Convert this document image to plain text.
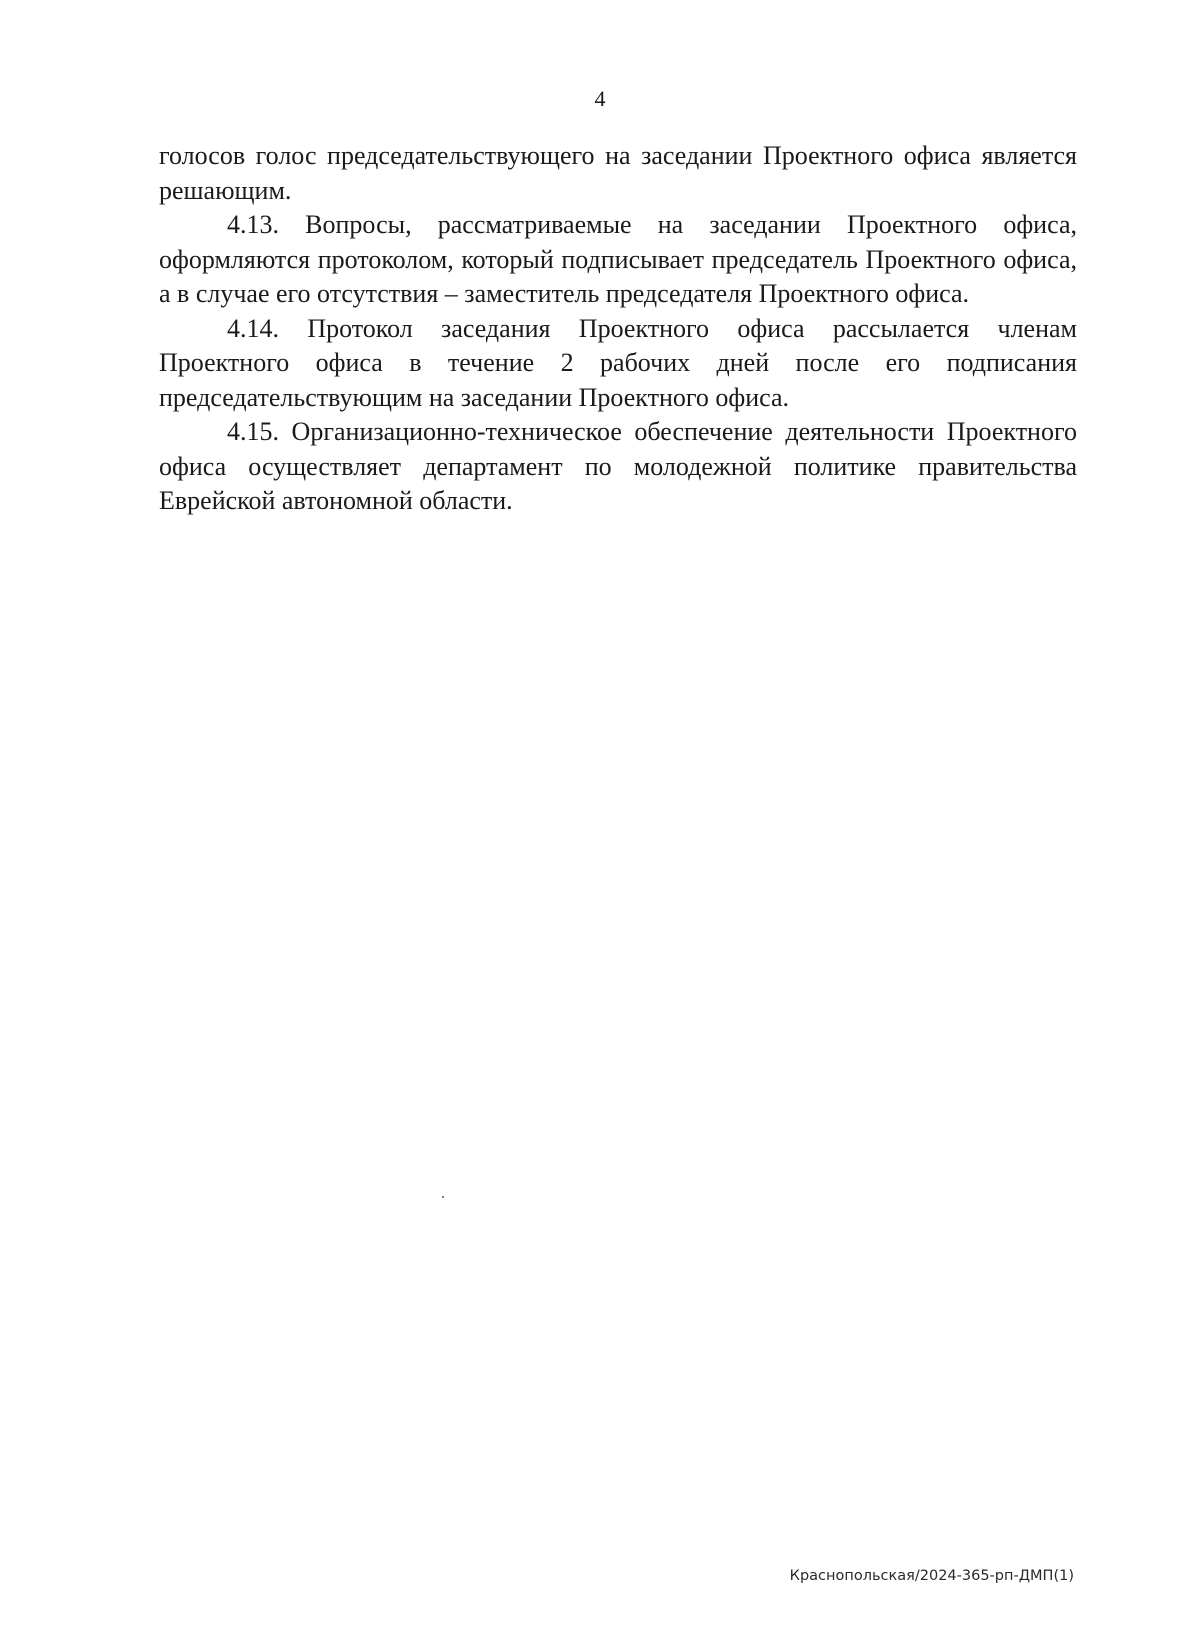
4

голосов голос председательствующего на заседании Проектного офиса является решающим.

4.13. Вопросы, рассматриваемые на заседании Проектного офиса, оформляются протоколом, который подписывает председатель Проектного офиса, а в случае его отсутствия – заместитель председателя Проектного офиса.

4.14. Протокол заседания Проектного офиса рассылается членам Проектного офиса в течение 2 рабочих дней после его подписания председательствующим на заседании Проектного офиса.

4.15. Организационно-техническое обеспечение деятельности Проектного офиса осуществляет департамент по молодежной политике правительства Еврейской автономной области.

Краснопольская/2024-365-рп-ДМП(1)
